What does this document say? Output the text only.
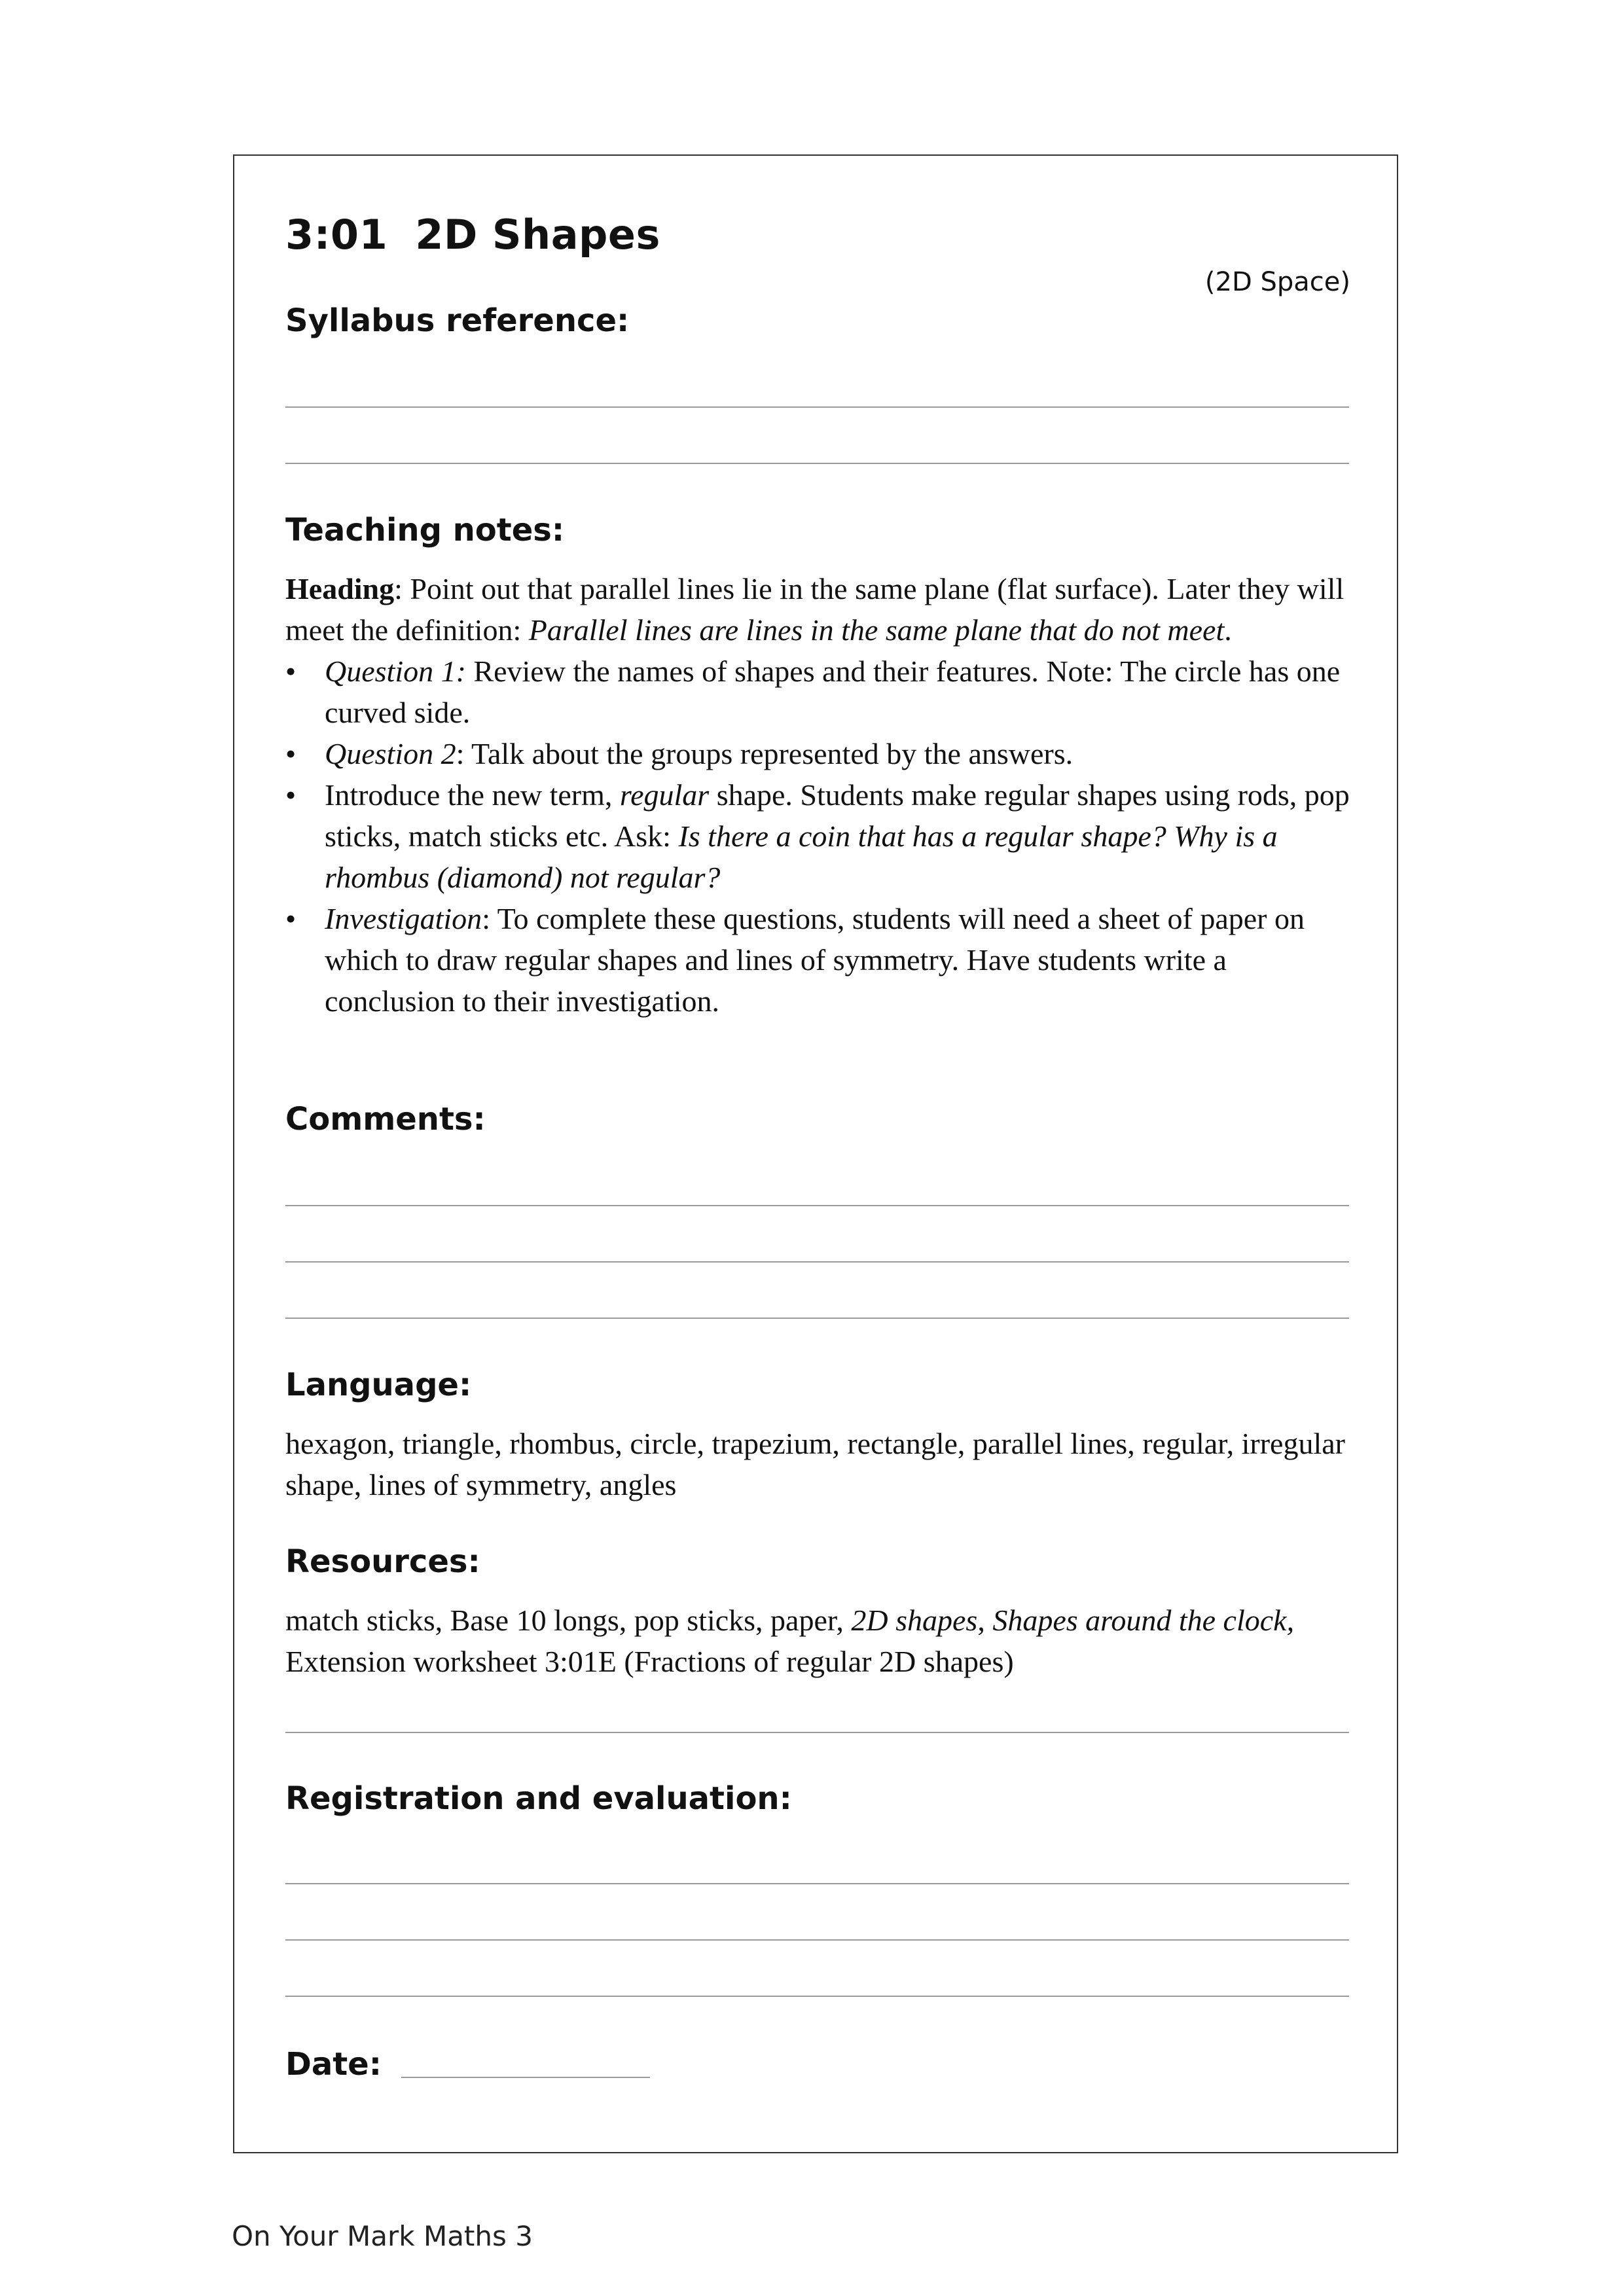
3:01 2D Shapes
(2D Space)
Syllabus reference:
Teaching notes:

Heading: Point out that parallel lines lie in the same plane (flat surface). Later they will meet the definition: Parallel lines are lines in the same plane that do not meet.

• Question 1: Review the names of shapes and their features. Note: The circle has one curved side.
• Question 2: Talk about the groups represented by the answers.
• Introduce the new term, regular shape. Students make regular shapes using rods, pop sticks, match sticks etc. Ask: Is there a coin that has a regular shape? Why is a rhombus (diamond) not regular?
• Investigation: To complete these questions, students will need a sheet of paper on which to draw regular shapes and lines of symmetry. Have students write a conclusion to their investigation.
Comments:
Language:
hexagon, triangle, rhombus, circle, trapezium, rectangle, parallel lines, regular, irregular shape, lines of symmetry, angles
Resources:
match sticks, Base 10 longs, pop sticks, paper, 2D shapes, Shapes around the clock, Extension worksheet 3:01E (Fractions of regular 2D shapes)
Registration and evaluation:
Date:
On Your Mark Maths 3
